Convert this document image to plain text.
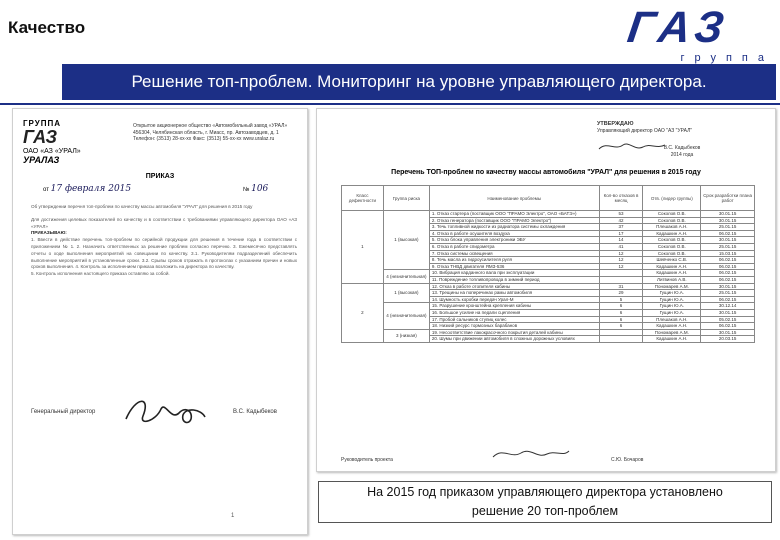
Качество	ГАЗ
группа
Решение топ-проблем. Мониторинг на уровне управляющего директора.
ГРУППА
ГАЗ
ОАО «АЗ «УРАЛ»
УРАЛАЗ
Открытое акционерное общество «Автомобильный завод «УРАЛ» 456304, Челябинская область, г. Миасс, пр. Автозаводцев, д. 1 Телефон: (3513) 28-xx-xx Факс: (3513) 55-xx-xx www.uralaz.ru
ПРИКАЗ
от 17 февраля 2015	№ 106
Об утверждении перечня топ-проблем по качеству массы автомобиля "УРАЛ" для решения в 2015 году
Для достижения целевых показателей по качеству и в соответствии с требованиями управляющего директора ОАО «АЗ «УРАЛ»
ПРИКАЗЫВАЮ:
1. Ввести в действие перечень топ-проблем по серийной продукции для решения в течение года в соответствии с приложением № 1. 2. Назначить ответственных за решение проблем согласно перечню. 3. Ежемесячно представлять отчеты о ходе выполнения мероприятий на совещании по качеству. 3.1. Руководителям подразделений обеспечить выполнение мероприятий в установленные сроки. 3.2. Срывы сроков отражать в протоколах с указанием причин и новых сроков выполнения. 4. Контроль за исполнением приказа возложить на директора по качеству.
5. Контроль исполнения настоящего приказа оставляю за собой.
Генеральный директор	В.С. Кадыбеков
1
УТВЕРЖДАЮ
Управляющий директор ОАО "АЗ "УРАЛ"
В.С. Кадыбеков
2014 года
Перечень ТОП-проблем по качеству массы автомобиля "УРАЛ" для решения в 2015 году
Класс дефектности	Группа риска	Наименование проблемы	Кол-во отказов в месяц	Отв. (лидер группы)	Срок разработки плана работ
1	1 (высокая)	1. Отказ стартера (поставщик ООО "ПРАМО Электро", ОАО «БАТЭ»)	53	Соколов О.В.	30.01.15
		2. Отказ генератора (поставщик ООО "ПРАМО Электро")	42	Соколов О.В.	30.01.15
		3. Течь топливной жидкости из радиатора системы охлаждения	37	Плешаков А.Н.	25.01.15
		4. Отказ в работе осушителя воздуха	17	Кадашкин А.Н.	06.02.15
		5. Отказ блока управления электроники ЭБУ	14	Соколов О.В.	30.01.15
		6. Отказ в работе спидометра	41	Соколов О.В.	25.01.15
		7. Отказ системы освещения	12	Соколов О.В.	15.03.15
		8. Течь масла из гидроусилителя руля	12	Шевченко С.В.	06.02.15
		9. Отказ ТНВД двигателя ЯМЗ-536	12	Кадашкин А.Н.	06.02.15
	4 (незначительная)	10. Вибрация карданного вала при эксплуатации		Кадашкин А.Н.	06.02.15
		11. Повреждение топливопровода в зимний период		Литвинов А.В.	06.02.15
2	1 (высокая)	12. Отказ в работе отопителя кабины	31	Пономарев А.М.	30.01.15
		13. Трещины на поперечинах рамы автомобиля	29	Гущин Ю.А.	25.01.15
		14. Шумность коробки передач Урал-М	5	Гущин Ю.А.	06.02.15
	4 (незначительная)	15. Разрушение кронштейна крепления кабины	6	Гущин Ю.А.	30.12.14
		16. Большое усилие на педали сцепления	6	Гущин Ю.А.	30.01.15
		17. Пробой сальников ступиц колес	6	Плешаков А.Н.	05.02.15
		18. Низкий ресурс тормозных барабанов	6	Кадашкин А.Н.	06.02.15
	3 (низкая)	19. Несоответствие лакокрасочного покрытия деталей кабины		Пономарев А.М.	30.01.15
		20. Шумы при движении автомобиля в сложных дорожных условиях		Кадашкин А.Н.	20.03.15
Руководитель проекта	С.Ю. Бочаров
На 2015 год приказом управляющего директора установлено
решение 20 топ-проблем
